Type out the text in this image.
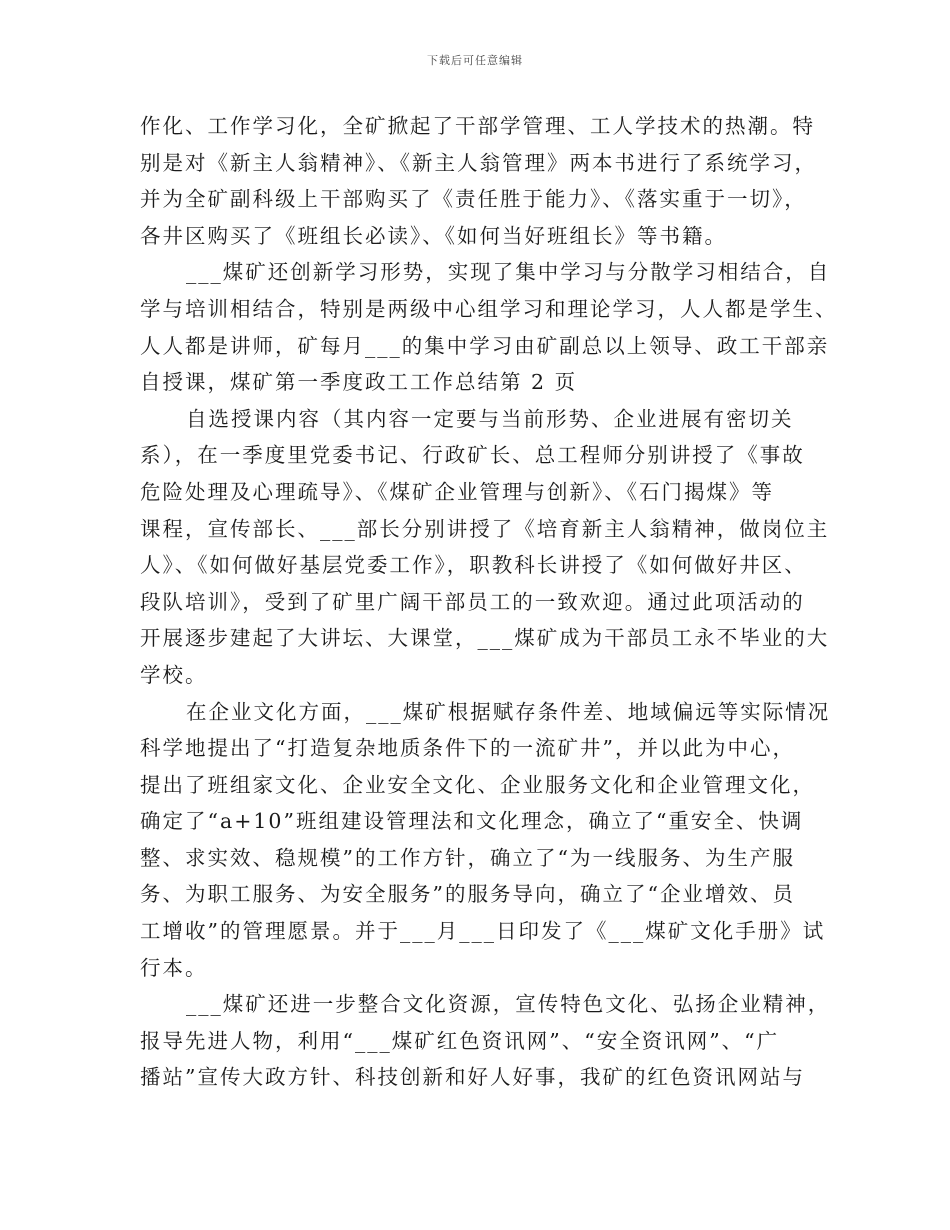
下载后可任意编辑

作化、工作学习化，全矿掀起了干部学管理、工人学技术的热潮。特
别是对《新主人翁精神》、《新主人翁管理》两本书进行了系统学习，
并为全矿副科级上干部购买了《责任胜于能力》、《落实重于一切》，
各井区购买了《班组长必读》、《如何当好班组长》等书籍。

___煤矿还创新学习形势，实现了集中学习与分散学习相结合，自
学与培训相结合，特别是两级中心组学习和理论学习，人人都是学生、
人人都是讲师，矿每月___的集中学习由矿副总以上领导、政工干部亲
自授课，煤矿第一季度政工工作总结第 2 页

自选授课内容（其内容一定要与当前形势、企业进展有密切关
系），在一季度里党委书记、行政矿长、总工程师分别讲授了《事故
危险处理及心理疏导》、《煤矿企业管理与创新》、《石门揭煤》等
课程，宣传部长、___部长分别讲授了《培育新主人翁精神，做岗位主
人》、《如何做好基层党委工作》，职教科长讲授了《如何做好井区、
段队培训》，受到了矿里广阔干部员工的一致欢迎。通过此项活动的
开展逐步建起了大讲坛、大课堂，___煤矿成为干部员工永不毕业的大
学校。

在企业文化方面，___煤矿根据赋存条件差、地域偏远等实际情况
科学地提出了“打造复杂地质条件下的一流矿井”，并以此为中心，
提出了班组家文化、企业安全文化、企业服务文化和企业管理文化，
确定了“a+10”班组建设管理法和文化理念，确立了“重安全、快调
整、求实效、稳规模”的工作方针，确立了“为一线服务、为生产服
务、为职工服务、为安全服务”的服务导向，确立了“企业增效、员
工增收”的管理愿景。并于___月___日印发了《___煤矿文化手册》试
行本。

___煤矿还进一步整合文化资源，宣传特色文化、弘扬企业精神，
报导先进人物，利用“___煤矿红色资讯网”、“安全资讯网”、“广
播站”宣传大政方针、科技创新和好人好事，我矿的红色资讯网站与
